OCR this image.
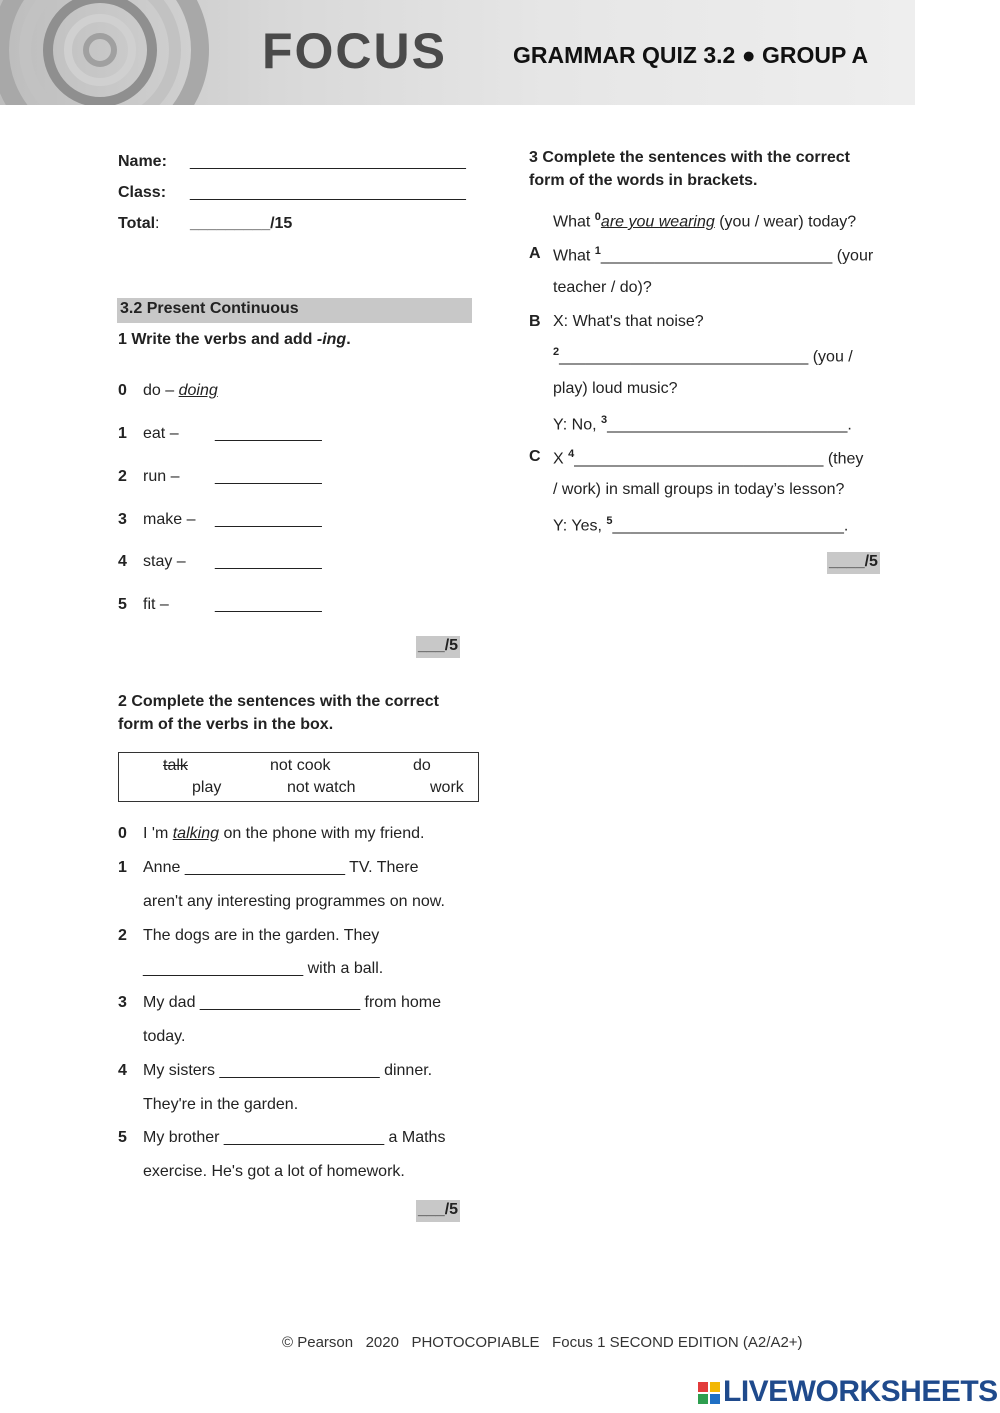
FOCUS	GRAMMAR QUIZ 3.2 ● GROUP A
Name: _______________________________
Class: _______________________________
Total: _________/15
3.2 Present Continuous
1 Write the verbs and add -ing.
0 do – doing
1 eat – ____________
2 run – ____________
3 make – ____________
4 stay – ____________
5 fit –	____________
___/5
2 Complete the sentences with the correct
form of the verbs in the box.
talk	not cook	do
play	not watch	work
0 I 'm talking on the phone with my friend.
1 Anne __________________ TV. There
aren't any interesting programmes on now.
2 The dogs are in the garden. They
__________________ with a ball.
3 My dad __________________ from home
today.
4 My sisters __________________ dinner.
They're in the garden.
5 My brother __________________ a Maths
exercise. He's got a lot of homework.
___/5
3 Complete the sentences with the correct
form of the words in brackets.
What $^0$are you wearing (you / wear) today?
A What $^1$__________________________ (your
teacher / do)?
B X: What's that noise?
$^2$____________________________ (you /
play) loud music?
Y: No, $^3$___________________________.
C X $^4$____________________________ (they
/ work) in small groups in today’s lesson?
Y: Yes, $^5$__________________________.
____/5
© Pearson   2020   PHOTOCOPIABLE   Focus 1 SECOND EDITION (A2/A2+)
LIVEWORKSHEETS
